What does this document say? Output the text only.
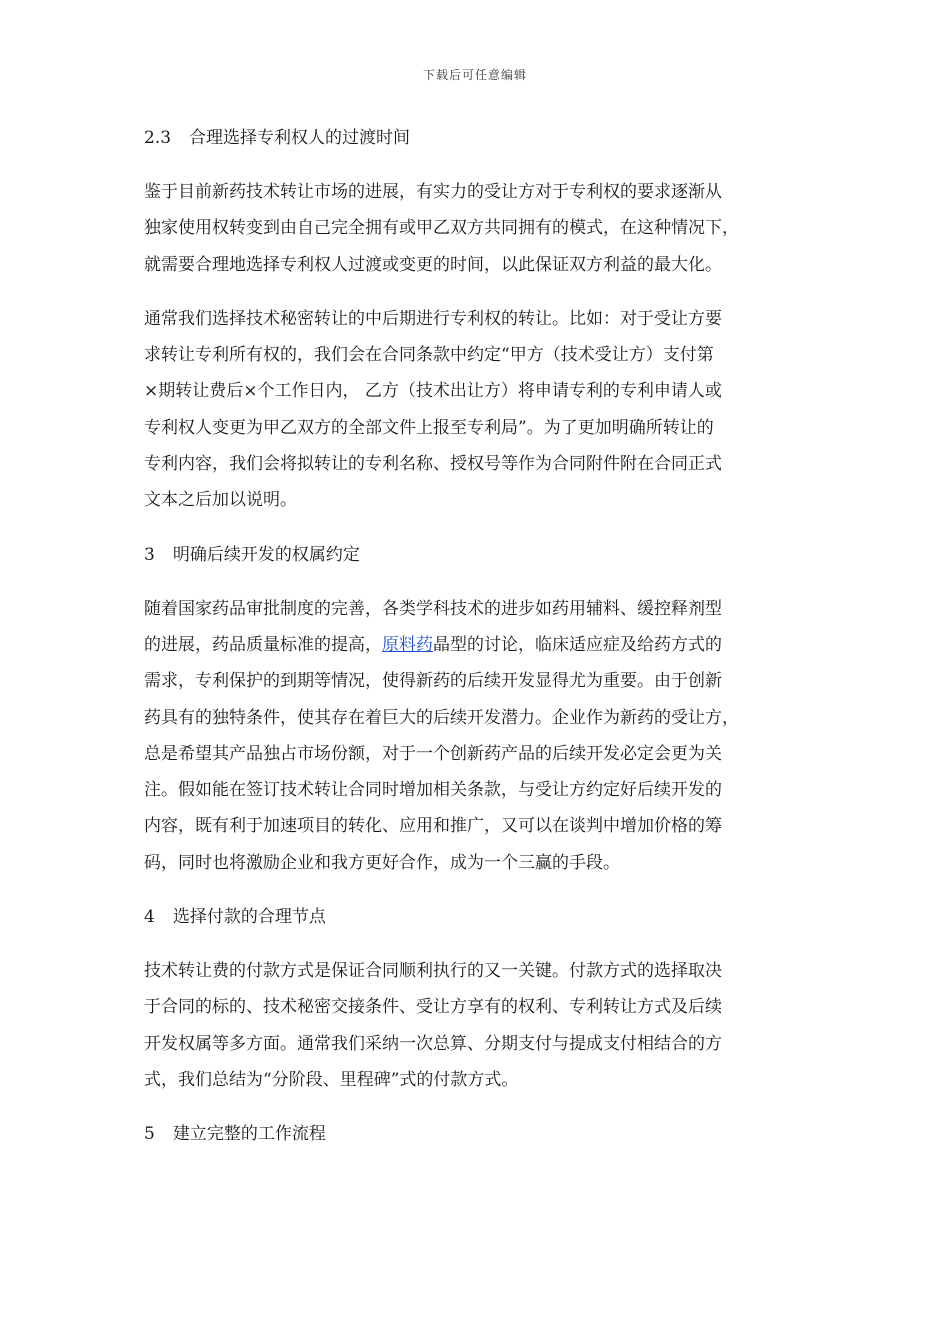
下载后可任意编辑
2.3 合理选择专利权人的过渡时间
鉴于目前新药技术转让市场的进展，有实力的受让方对于专利权的要求逐渐从
独家使用权转变到由自己完全拥有或甲乙双方共同拥有的模式，在这种情况下，
就需要合理地选择专利权人过渡或变更的时间，以此保证双方利益的最大化。
通常我们选择技术秘密转让的中后期进行专利权的转让。比如：对于受让方要
求转让专利所有权的，我们会在合同条款中约定“甲方（技术受让方）支付第
×期转让费后×个工作日内， 乙方（技术出让方）将申请专利的专利申请人或
专利权人变更为甲乙双方的全部文件上报至专利局”。为了更加明确所转让的
专利内容，我们会将拟转让的专利名称、授权号等作为合同附件附在合同正式
文本之后加以说明。
3 明确后续开发的权属约定
随着国家药品审批制度的完善，各类学科技术的进步如药用辅料、缓控释剂型
的进展，药品质量标准的提高，原料药晶型的讨论，临床适应症及给药方式的
需求，专利保护的到期等情况，使得新药的后续开发显得尤为重要。由于创新
药具有的独特条件，使其存在着巨大的后续开发潜力。企业作为新药的受让方，
总是希望其产品独占市场份额，对于一个创新药产品的后续开发必定会更为关
注。假如能在签订技术转让合同时增加相关条款，与受让方约定好后续开发的
内容，既有利于加速项目的转化、应用和推广，又可以在谈判中增加价格的筹
码，同时也将激励企业和我方更好合作，成为一个三赢的手段。
4 选择付款的合理节点
技术转让费的付款方式是保证合同顺利执行的又一关键。付款方式的选择取决
于合同的标的、技术秘密交接条件、受让方享有的权利、专利转让方式及后续
开发权属等多方面。通常我们采纳一次总算、分期支付与提成支付相结合的方
式，我们总结为“分阶段、里程碑”式的付款方式。
5 建立完整的工作流程
